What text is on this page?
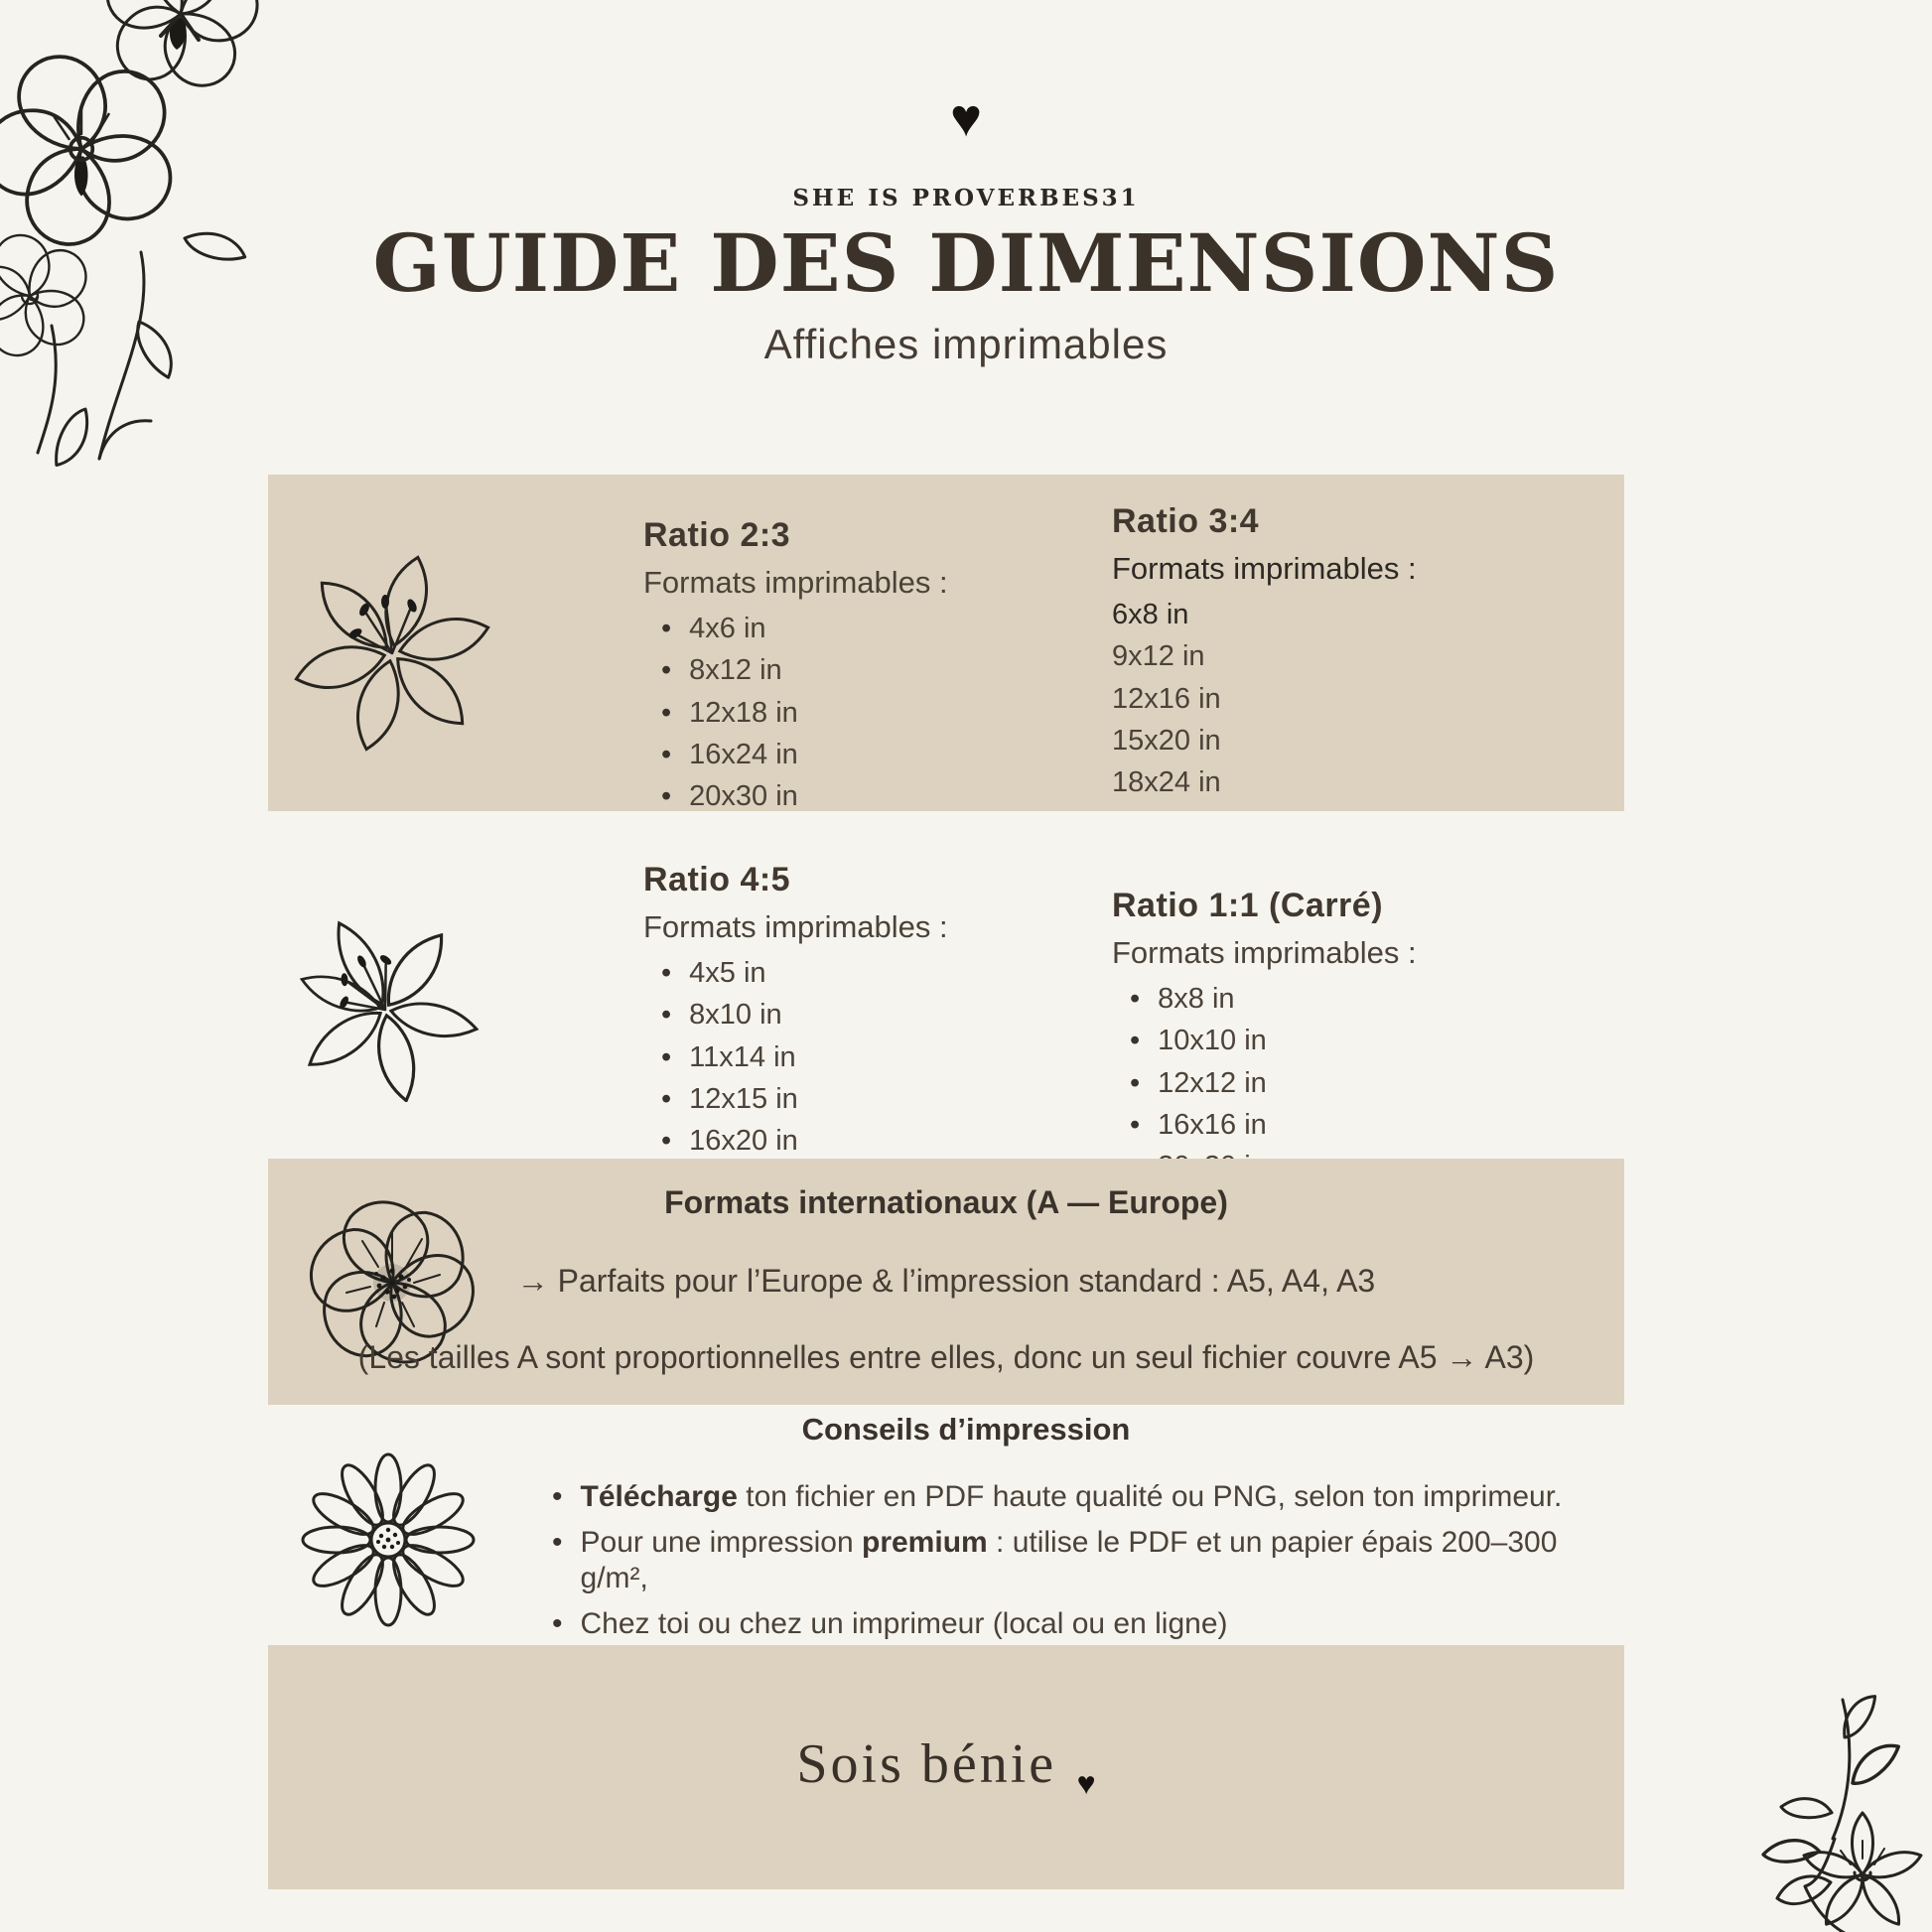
♥
SHE IS PROVERBES31
GUIDE DES DIMENSIONS
Affiches imprimables
Ratio 2:3

Formats imprimables :

• 4x6 in
• 8x12 in
• 12x18 in
• 16x24 in
• 20x30 in
Ratio 3:4

Formats imprimables :

6x8 in
9x12 in
12x16 in
15x20 in
18x24 in
Ratio 4:5

Formats imprimables :

• 4x5 in
• 8x10 in
• 11x14 in
• 12x15 in
• 16x20 in
Ratio 1:1 (Carré)

Formats imprimables :

• 8x8 in
• 10x10 in
• 12x12 in
• 16x16 in
•
Formats internationaux (A — Europe)

→ Parfaits pour l’Europe & l’impression standard : A5, A4, A3

(Les tailles A sont proportionnelles entre elles, donc un seul fichier couvre A5 → A3)

Conseils d’impression
• Télécharge ton fichier en PDF haute qualité ou PNG, selon ton imprimeur.
• Pour une impression premium : utilise le PDF et un papier épais 200–300 g/m²,
• Chez toi ou chez un imprimeur (local ou en ligne)
Sois bénie ♥
